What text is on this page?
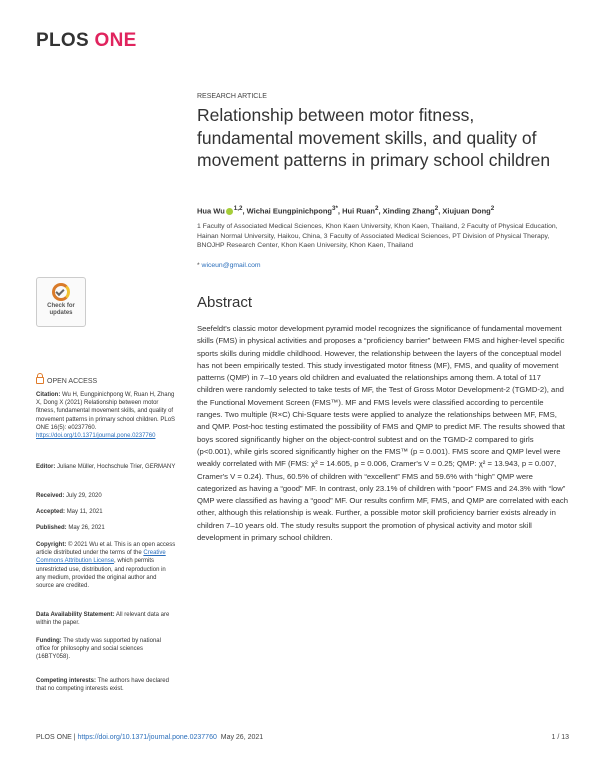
PLOS ONE
RESEARCH ARTICLE
Relationship between motor fitness, fundamental movement skills, and quality of movement patterns in primary school children
Hua Wu $^{1,2}$, Wichai Eungpinichpong$^{3*}$, Hui Ruan$^2$, Xinding Zhang$^2$, Xiujuan Dong$^2$
1 Faculty of Associated Medical Sciences, Khon Kaen University, Khon Kaen, Thailand, 2 Faculty of Physical Education, Hainan Normal University, Haikou, China, 3 Faculty of Associated Medical Sciences, PT Division of Physical Therapy, BNOJHP Research Center, Khon Kaen University, Khon Kaen, Thailand
* wiceun@gmail.com
Abstract
Seefeldt's classic motor development pyramid model recognizes the significance of fundamental movement skills (FMS) in physical activities and proposes a “proficiency barrier” between FMS and higher-level specific sports skills during middle childhood. However, the relationship between the layers of the conceptual model has not been empirically tested. This study investigated motor fitness (MF), FMS, and quality of movement patterns (QMP) in 7–10 years old children and evaluated the relationships among them. A total of 117 children were randomly selected to take tests of MF, the Test of Gross Motor Development-2 (TGMD-2), and the Functional Movement Screen (FMS™). MF and FMS levels were classified according to percentile ranges. Two multiple (R×C) Chi-Square tests were applied to analyze the relationships between MF, FMS, and QMP. Post-hoc testing estimated the possibility of FMS and QMP to predict MF. The results showed that boys scored significantly higher on the object-control subtest and on the TGMD-2 compared to girls (p<0.001), while girls scored significantly higher on the FMS™ (p = 0.001). FMS score and QMP level were weakly correlated with MF (FMS: χ² = 14.605, p = 0.006, Cramer's V = 0.25; QMP: χ² = 13.943, p = 0.007, Cramer's V = 0.24). Thus, 60.5% of children with “excellent” FMS and 59.6% with “high” QMP were categorized as having a “good” MF. In contrast, only 23.1% of children with “poor” FMS and 24.3% with “low” QMP were classified as having a “good” MF. Our results confirm MF, FMS, and QMP are correlated with each other, although this relationship is weak. Further, a possible motor skill proficiency barrier exists already in children 7–10 years old. The study results support the promotion of physical activity and motor skill development in primary school children.
Check for
updates
OPEN ACCESS
Citation: Wu H, Eungpinichpong W, Ruan H, Zhang X, Dong X (2021) Relationship between motor fitness, fundamental movement skills, and quality of movement patterns in primary school children. PLoS ONE 16(5): e0237760. https://doi.org/10.1371/journal.pone.0237760
Editor: Juliane Müller, Hochschule Trier, GERMANY
Received: July 29, 2020
Accepted: May 11, 2021
Published: May 26, 2021
Copyright: © 2021 Wu et al. This is an open access article distributed under the terms of the Creative Commons Attribution License, which permits unrestricted use, distribution, and reproduction in any medium, provided the original author and source are credited.
Data Availability Statement: All relevant data are within the paper.
Funding: The study was supported by national office for philosophy and social sciences (16BTY058).
Competing interests: The authors have declared that no competing interests exist.
PLOS ONE | https://doi.org/10.1371/journal.pone.0237760 May 26, 2021	1 / 13
